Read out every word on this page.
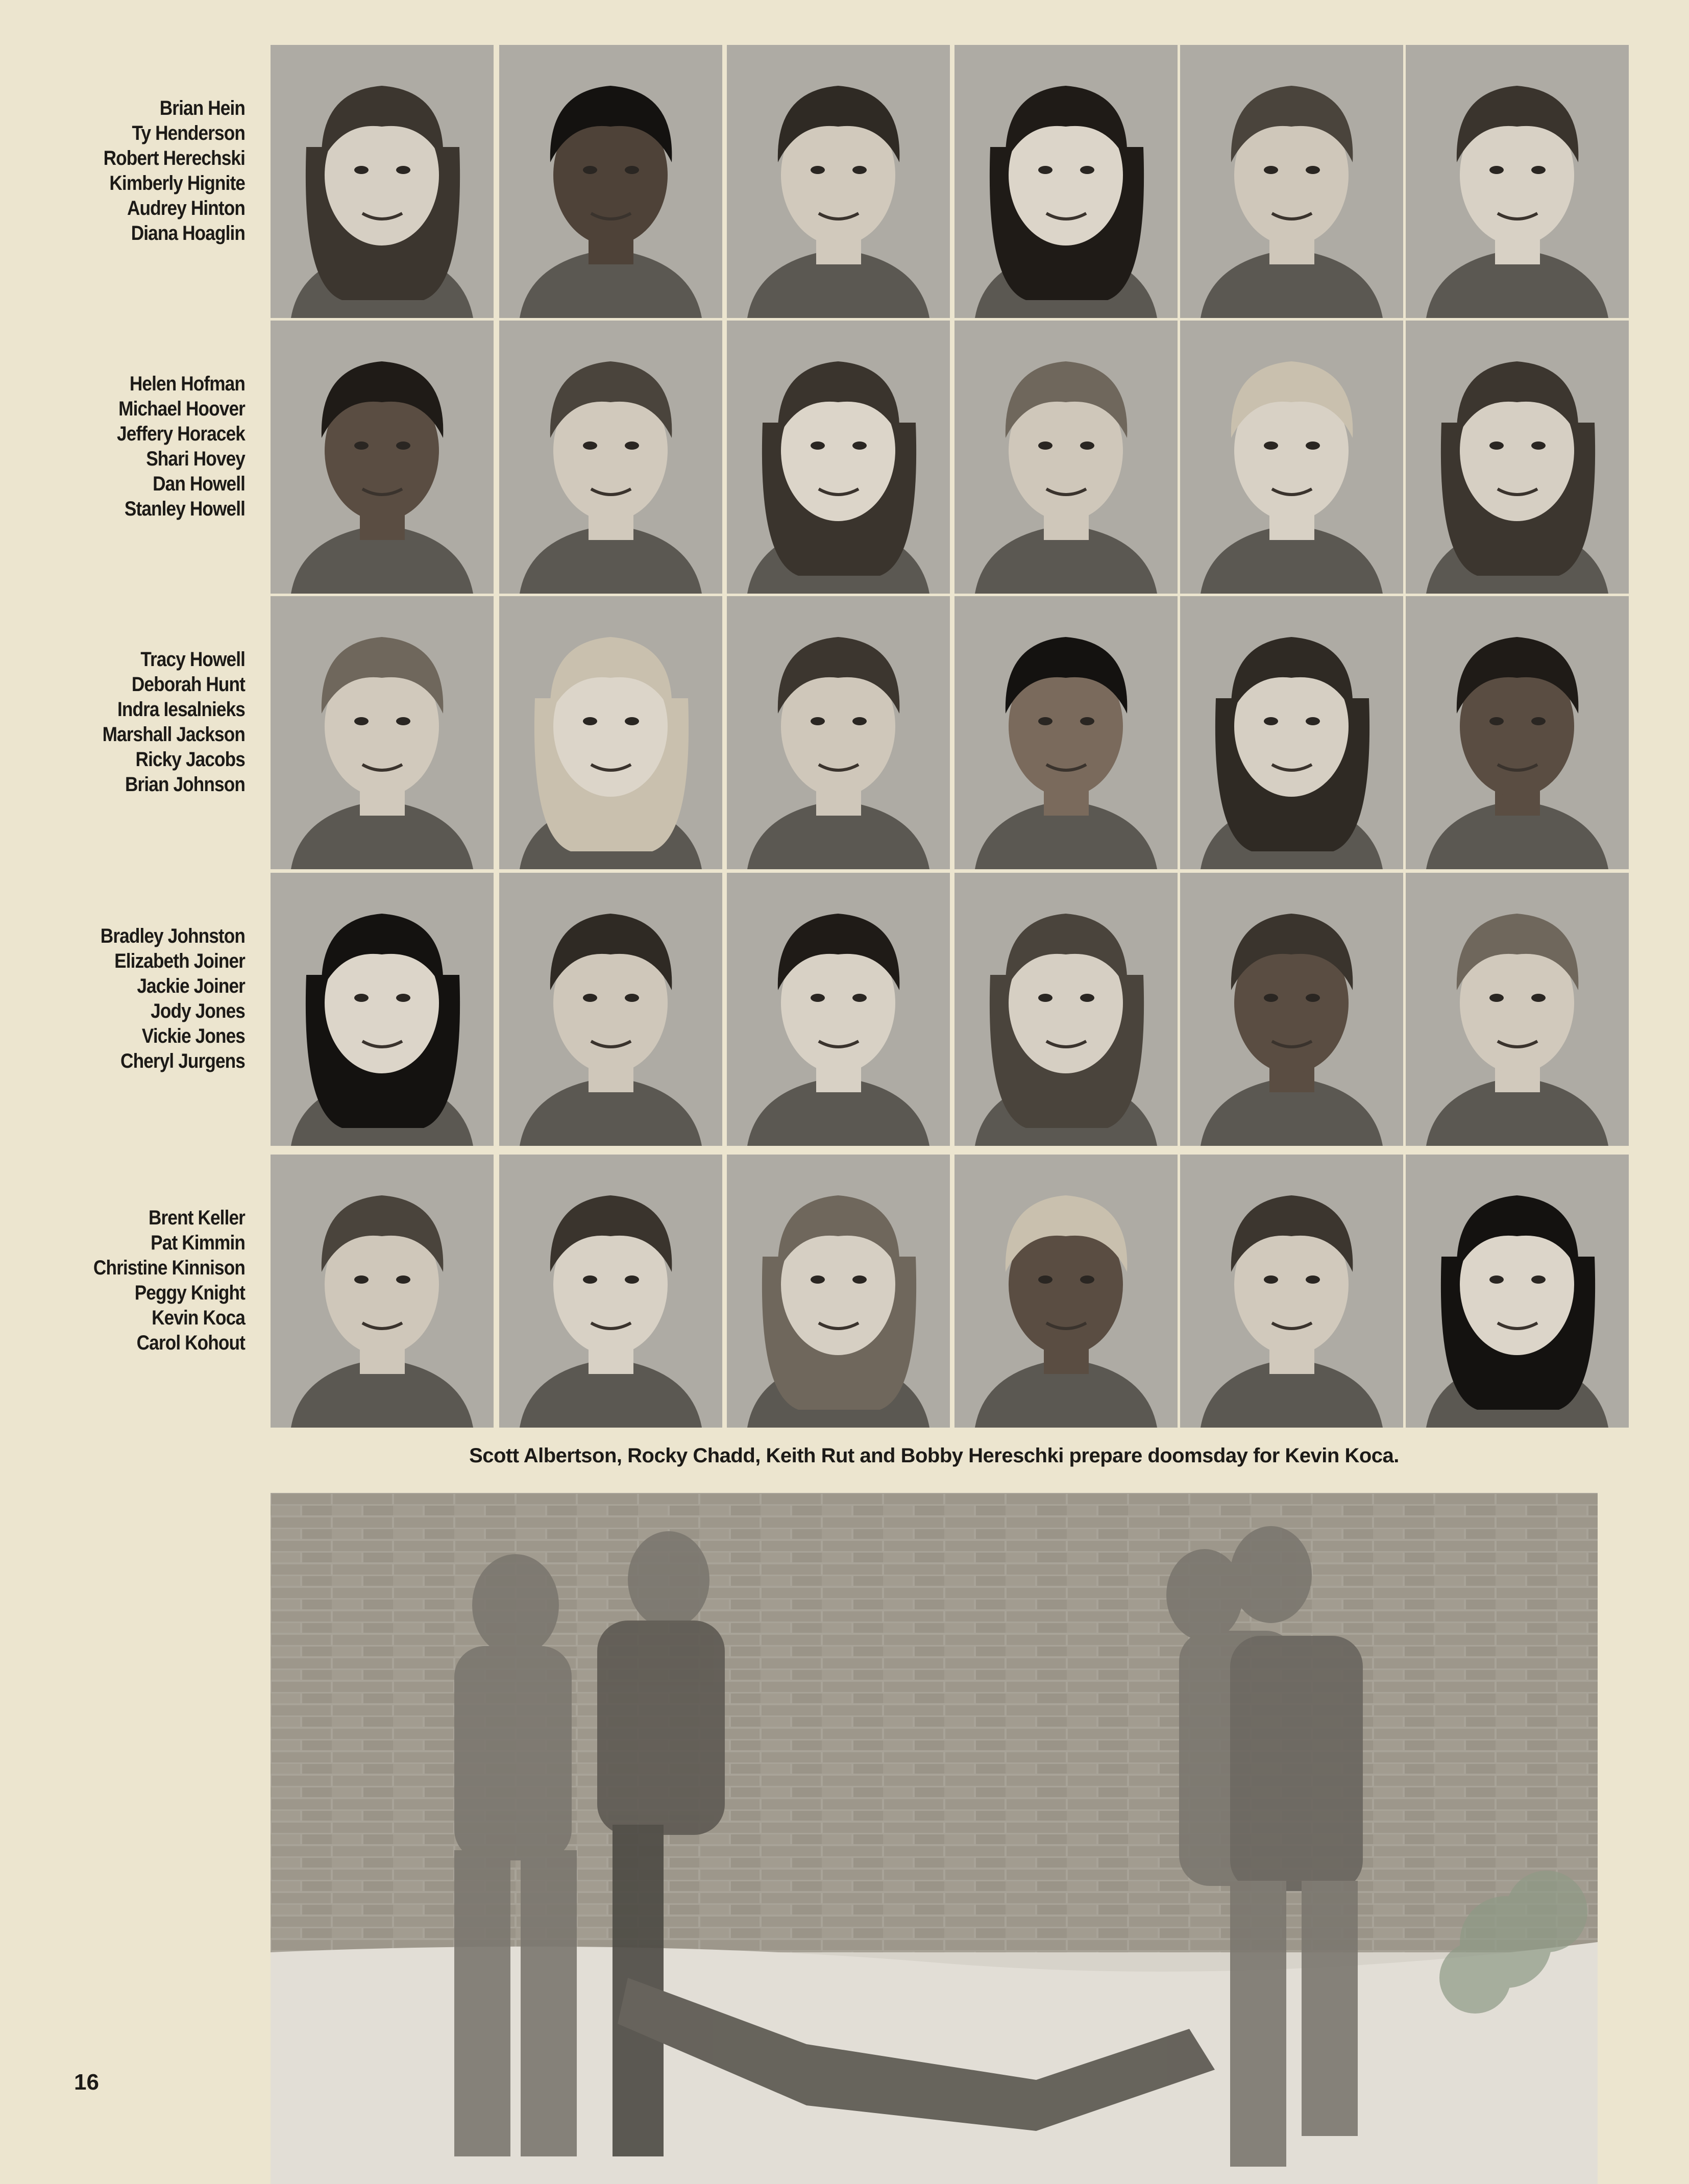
Brian Hein
Ty Henderson
Robert Herechski
Kimberly Hignite
Audrey Hinton
Diana Hoaglin
Helen Hofman
Michael Hoover
Jeffery Horacek
Shari Hovey
Dan Howell
Stanley Howell
Tracy Howell
Deborah Hunt
Indra Iesalnieks
Marshall Jackson
Ricky Jacobs
Brian Johnson
Bradley Johnston
Elizabeth Joiner
Jackie Joiner
Jody Jones
Vickie Jones
Cheryl Jurgens
Brent Keller
Pat Kimmin
Christine Kinnison
Peggy Knight
Kevin Koca
Carol Kohout
Scott Albertson, Rocky Chadd, Keith Rut and Bobby Hereschki prepare doomsday for Kevin Koca.
16
